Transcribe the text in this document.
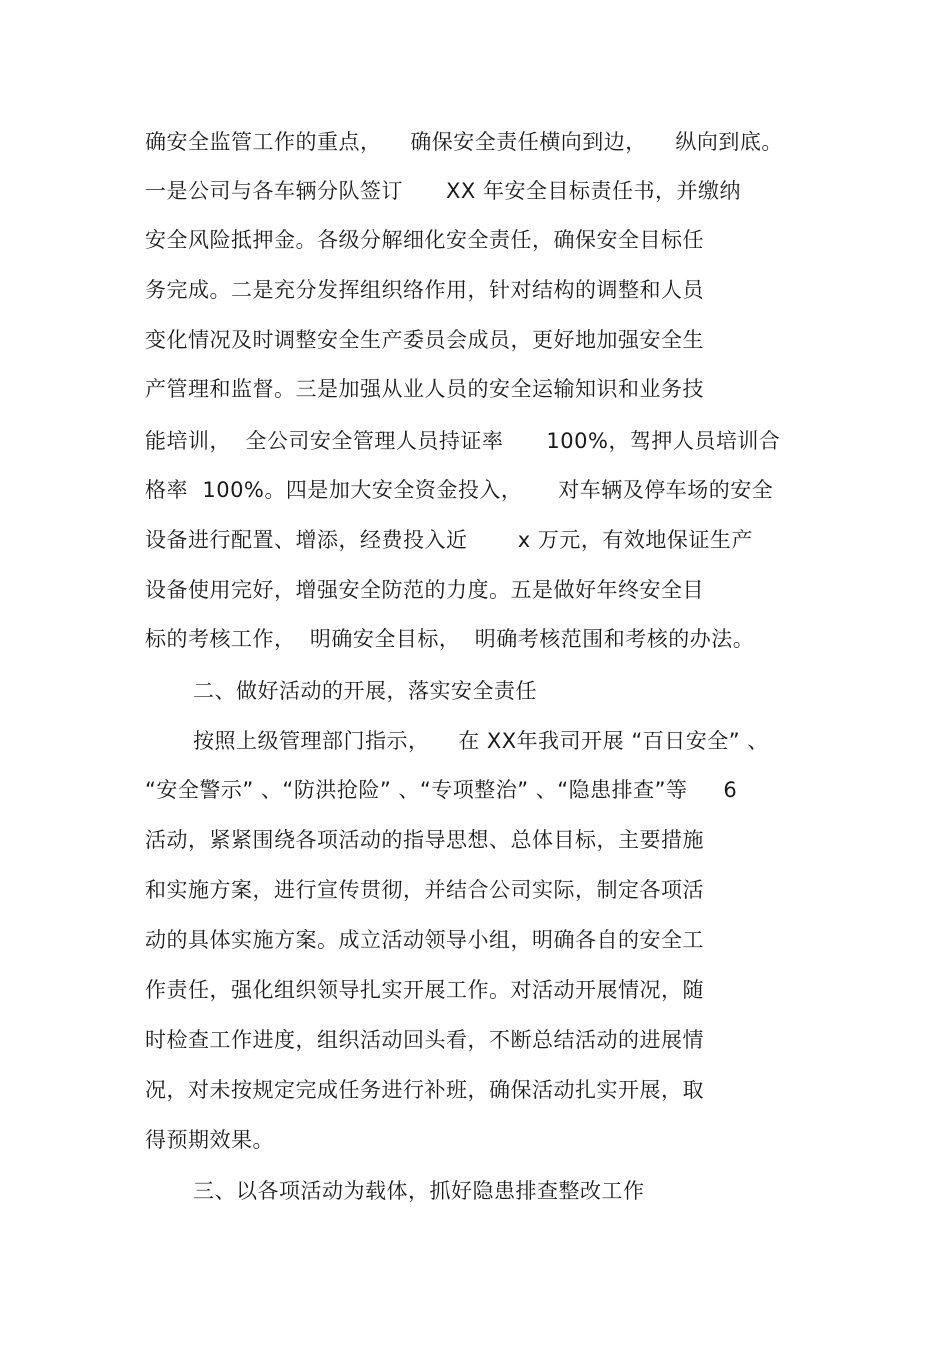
确安全监管工作的重点，    确保安全责任横向到边，    纵向到底。
一是公司与各车辆分队签订      XX 年安全目标责任书，并缴纳
安全风险抵押金。各级分解细化安全责任，确保安全目标任
务完成。二是充分发挥组织络作用，针对结构的调整和人员
变化情况及时调整安全生产委员会成员，更好地加强安全生
产管理和监督。三是加强从业人员的安全运输知识和业务技
能培训，  全公司安全管理人员持证率      100%，驾押人员培训合
格率  100%。四是加大安全资金投入，     对车辆及停车场的安全
设备进行配置、增添，经费投入近       x 万元，有效地保证生产
设备使用完好，增强安全防范的力度。五是做好年终安全目
标的考核工作，  明确安全目标，  明确考核范围和考核的办法。
二、做好活动的开展，落实安全责任
按照上级管理部门指示，    在 XX年我司开展 “百日安全” 、
“安全警示” 、“防洪抢险” 、“专项整治” 、“隐患排查”等     6
活动，紧紧围绕各项活动的指导思想、总体目标，主要措施
和实施方案，进行宣传贯彻，并结合公司实际，制定各项活
动的具体实施方案。成立活动领导小组，明确各自的安全工
作责任，强化组织领导扎实开展工作。对活动开展情况，随
时检查工作进度，组织活动回头看，不断总结活动的进展情
况，对未按规定完成任务进行补班，确保活动扎实开展，取
得预期效果。
三、以各项活动为载体，抓好隐患排查整改工作
